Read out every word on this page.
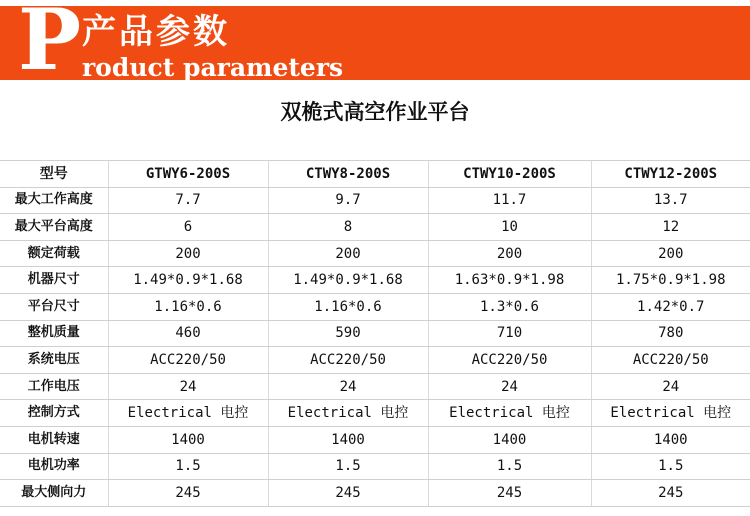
P 产品参数
roduct parameters
双桅式高空作业平台
型号	GTWY6-200S	CTWY8-200S	CTWY10-200S	CTWY12-200S
最大工作高度	7.7	9.7	11.7	13.7
最大平台高度	6	8	10	12
额定荷载	200	200	200	200
机器尺寸	1.49*0.9*1.68	1.49*0.9*1.68	1.63*0.9*1.98	1.75*0.9*1.98
平台尺寸	1.16*0.6	1.16*0.6	1.3*0.6	1.42*0.7
整机质量	460	590	710	780
系统电压	ACC220/50	ACC220/50	ACC220/50	ACC220/50
工作电压	24	24	24	24
控制方式	Electrical 电控	Electrical 电控	Electrical 电控	Electrical 电控
电机转速	1400	1400	1400	1400
电机功率	1.5	1.5	1.5	1.5
最大侧向力	245	245	245	245
